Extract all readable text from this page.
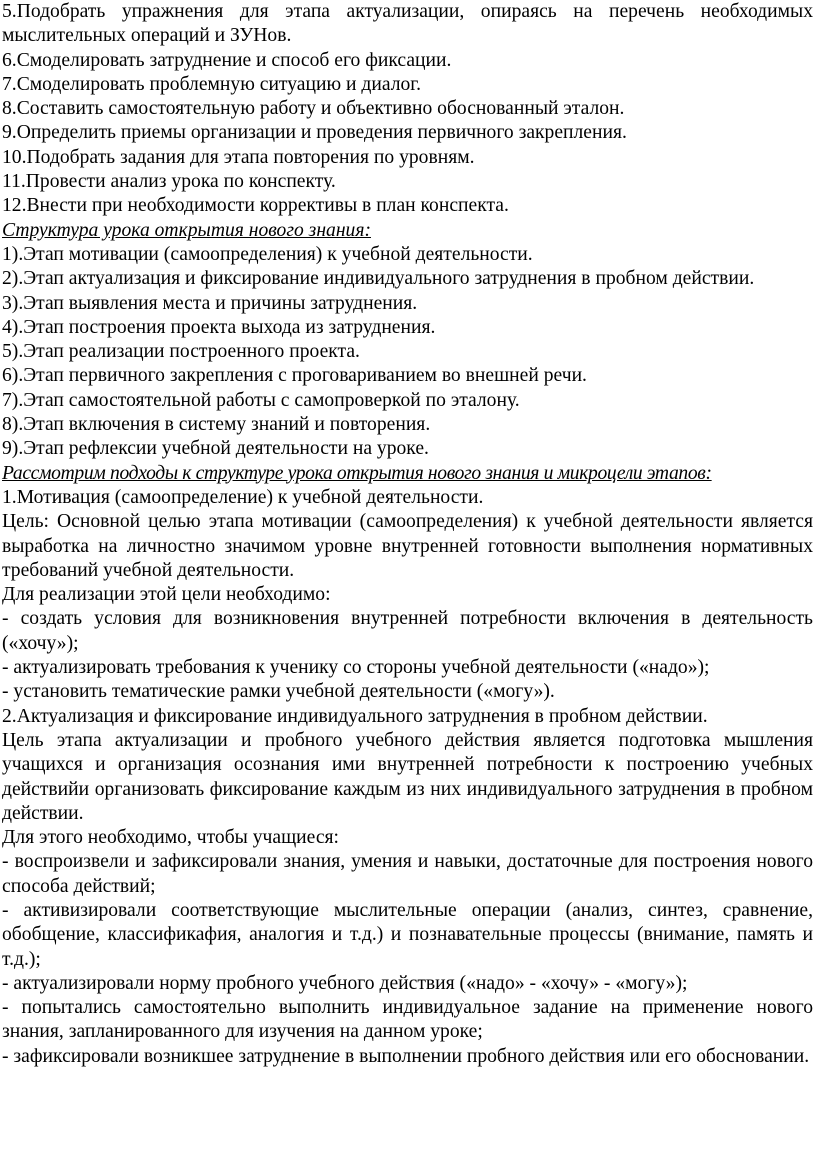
5.Подобрать упражнения для этапа актуализации, опираясь на перечень необходимых мыслительных операций и ЗУНов.

6.Смоделировать затруднение и способ его фиксации.

7.Смоделировать проблемную ситуацию и диалог.

8.Составить самостоятельную работу и объективно обоснованный эталон.

9.Определить приемы организации и проведения первичного закрепления.

10.Подобрать задания для этапа повторения по уровням.

11.Провести анализ урока по конспекту.

12.Внести при необходимости коррективы в план конспекта.

Структура урока открытия нового знания:

1).Этап мотивации (самоопределения) к учебной деятельности.

2).Этап актуализация и фиксирование индивидуального затруднения в пробном действии.

3).Этап выявления места и причины затруднения.

4).Этап построения проекта выхода из затруднения.

5).Этап реализации построенного проекта.

6).Этап первичного закрепления с проговариванием во внешней речи.

7).Этап самостоятельной работы с самопроверкой по эталону.

8).Этап включения в систему знаний и повторения.

9).Этап рефлексии учебной деятельности на уроке.

Рассмотрим подходы к структуре урока открытия нового знания и микроцели этапов:

1.Мотивация (самоопределение) к учебной деятельности.

Цель: Основной целью этапа мотивации (самоопределения) к учебной деятельности является выработка на личностно значимом уровне внутренней готовности выполнения нормативных требований учебной деятельности.

Для реализации этой цели необходимо:

- создать условия для возникновения внутренней потребности включения в деятельность («хочу»);

- актуализировать требования к ученику со стороны учебной деятельности («надо»);

- установить тематические рамки учебной деятельности («могу»).

2.Актуализация и фиксирование индивидуального затруднения в пробном действии.

Цель этапа актуализации и пробного учебного действия является подготовка мышления учащихся и организация осознания ими внутренней потребности к построению учебных действийи организовать фиксирование каждым из них индивидуального затруднения в пробном действии.

Для этого необходимо, чтобы учащиеся:

- воспроизвели и зафиксировали знания, умения и навыки, достаточные для построения нового способа действий;

- активизировали соответствующие мыслительные операции (анализ, синтез, сравнение, обобщение, классификафия, аналогия и т.д.) и познавательные процессы (внимание, память и т.д.);

- актуализировали норму пробного учебного действия («надо» - «хочу» - «могу»);

- попытались самостоятельно выполнить индивидуальное задание на применение нового знания, запланированного для изучения на данном уроке;

- зафиксировали возникшее затруднение в выполнении пробного действия или его обосновании.
